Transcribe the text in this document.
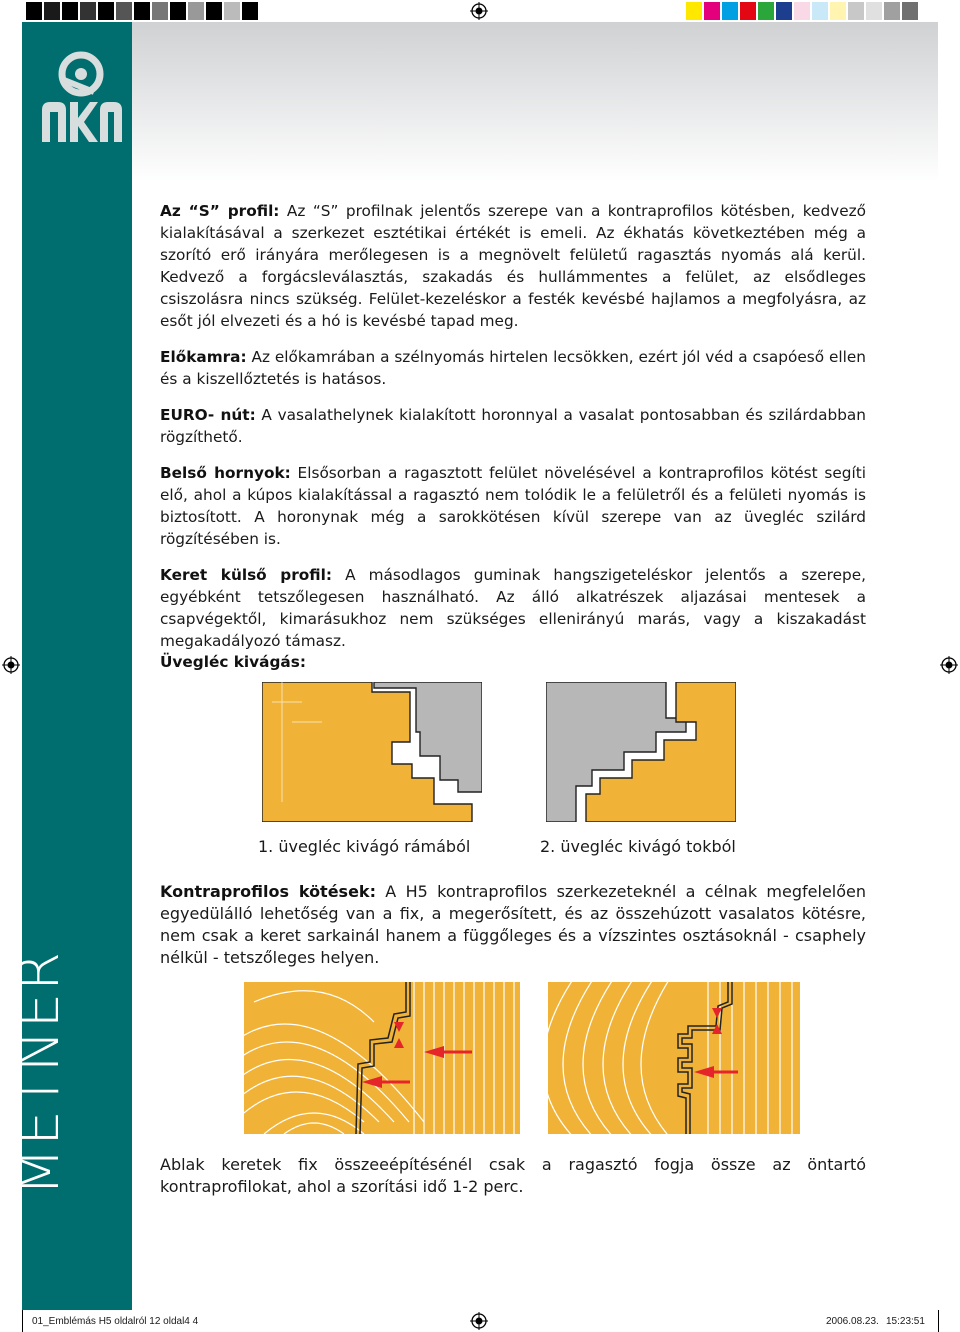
METNER
Az “S” profil: Az “S” profilnak jelentős szerepe van a kontraprofilos kötésben, kedvező kialakításával a szerkezet esztétikai értékét is emeli. Az ékhatás következtében még a szorító erő irányára merőlegesen is a megnövelt felületű ragasztás nyomás alá kerül. Kedvező a forgácsleválasztás, szakadás és hullámmentes a felület, az elsődleges csiszolásra nincs szükség. Felület-kezeléskor a festék kevésbé hajlamos a megfolyásra, az esőt jól elvezeti és a hó is kevésbé tapad meg.
Előkamra: Az előkamrában a szélnyomás hirtelen lecsökken, ezért jól véd a csapóeső ellen és a kiszellőztetés is hatásos.
EURO- nút: A vasalathelynek kialakított horonnyal a vasalat pontosabban és szilárdabban rögzíthető.
Belső hornyok: Elsősorban a ragasztott felület növelésével a kontraprofilos kötést segíti elő, ahol a kúpos kialakítással a ragasztó nem tolódik le a felületről és a felületi nyomás is biztosított. A horonynak még a sarokkötésen kívül szerepe van az üvegléc szilárd rögzítésében is.
Keret külső profil: A másodlagos guminak hangszigeteléskor jelentős a szerepe, egyébként tetszőlegesen használható. Az álló alkatrészek aljazásai mentesek a csapvégektől, kimarásukhoz nem szükséges ellenirányú marás, vagy a kiszakadást megakadályozó támasz.
Üvegléc kivágás:
1. üvegléc kivágó rámából	2. üvegléc kivágó tokból
Kontraprofilos kötések: A H5 kontraprofilos szerkezeteknél a célnak megfelelően egyedülálló lehetőség van a fix, a megerősített, és az összehúzott vasalatos kötésre, nem csak a keret sarkainál hanem a függőleges és a vízszintes osztásoknál - csaphely nélkül - tetszőleges helyen.
Ablak keretek fix összeeépítésénél csak a ragasztó fogja össze az öntartó kontraprofilokat, ahol a szorítási idő 1-2 perc.
01_Emblémás H5 oldalról 12 oldal4 4	2006.08.23. 15:23:51
